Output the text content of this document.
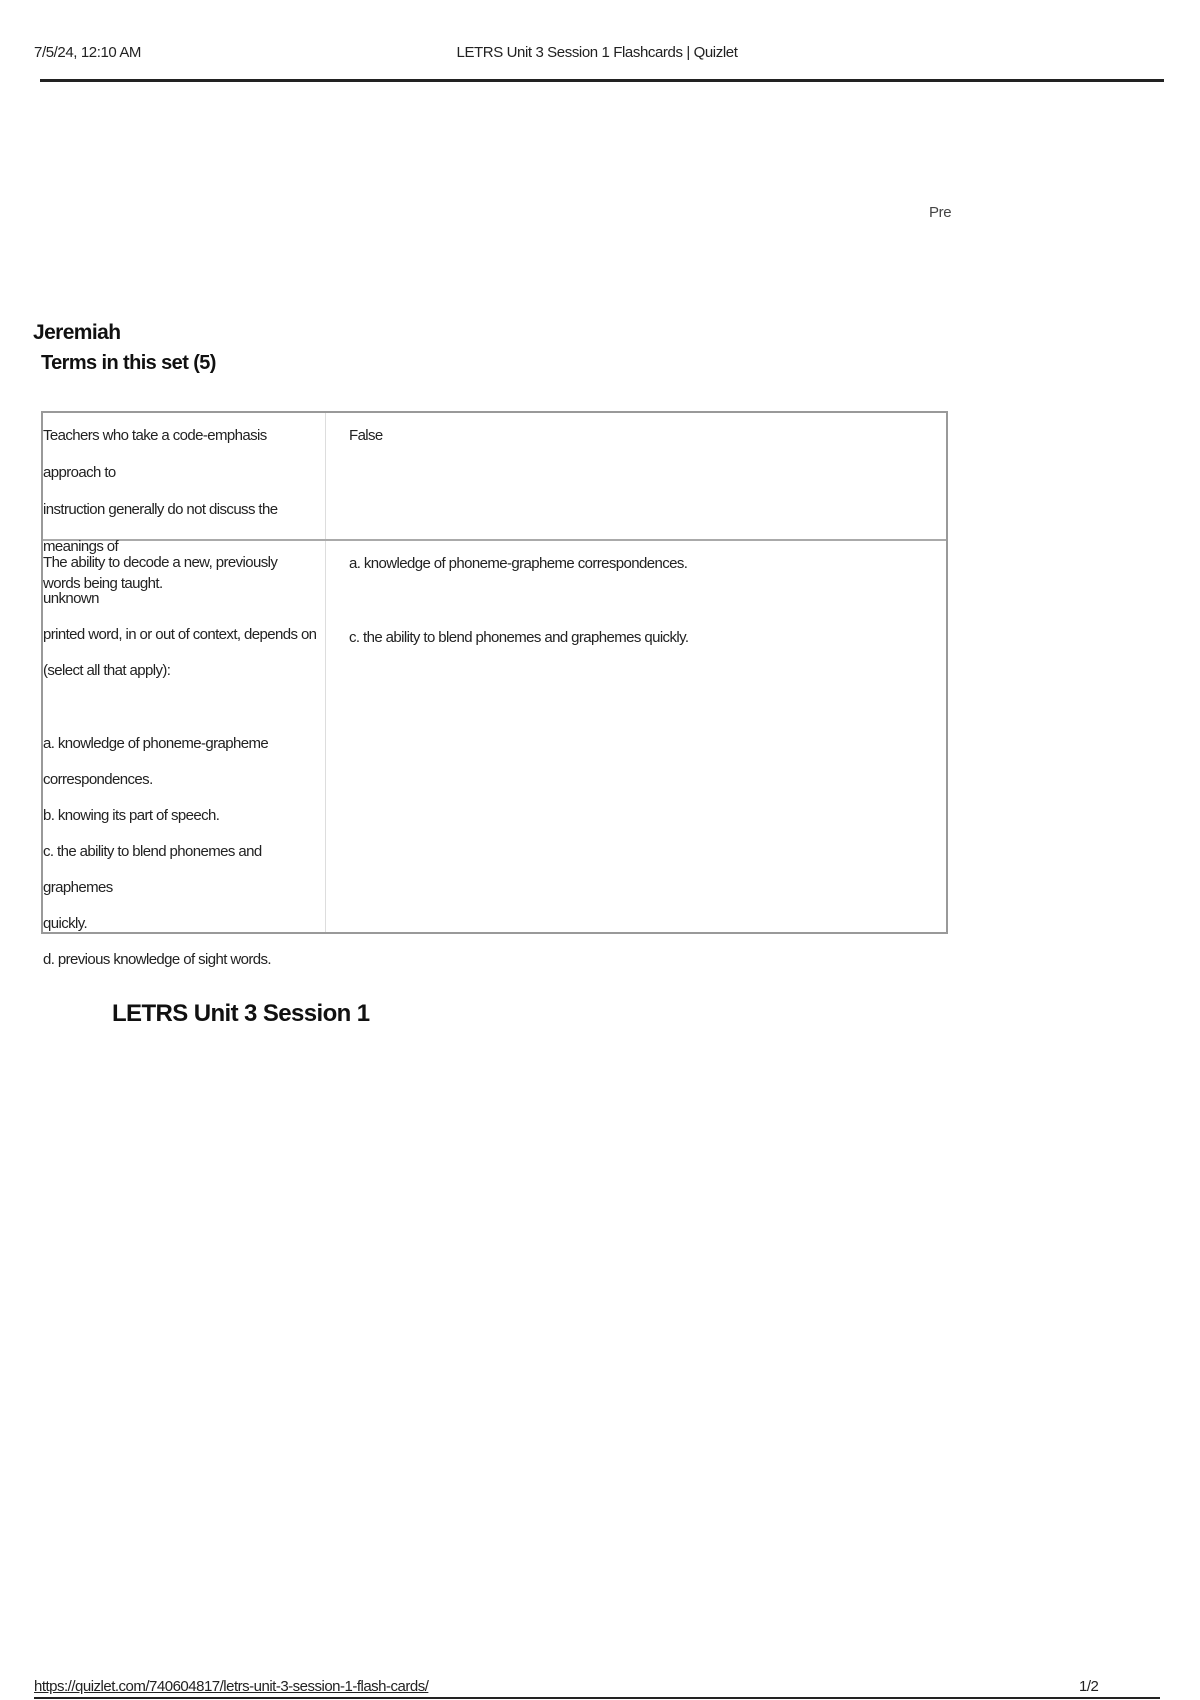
7/5/24, 12:10 AM	LETRS Unit 3 Session 1 Flashcards | Quizlet
Pre
Jeremiah
Terms in this set (5)
Teachers who take a code-emphasis approach to
instruction generally do not discuss the meanings of
words being taught.
False
The ability to decode a new, previously unknown
printed word, in or out of context, depends on
(select all that apply):
a. knowledge of phoneme-grapheme
correspondences.
b. knowing its part of speech.
c. the ability to blend phonemes and graphemes
quickly.
d. previous knowledge of sight words.
a. knowledge of phoneme-grapheme correspondences.
c. the ability to blend phonemes and graphemes quickly.
LETRS Unit 3 Session 1
https://quizlet.com/740604817/letrs-unit-3-session-1-flash-cards/	1/2
